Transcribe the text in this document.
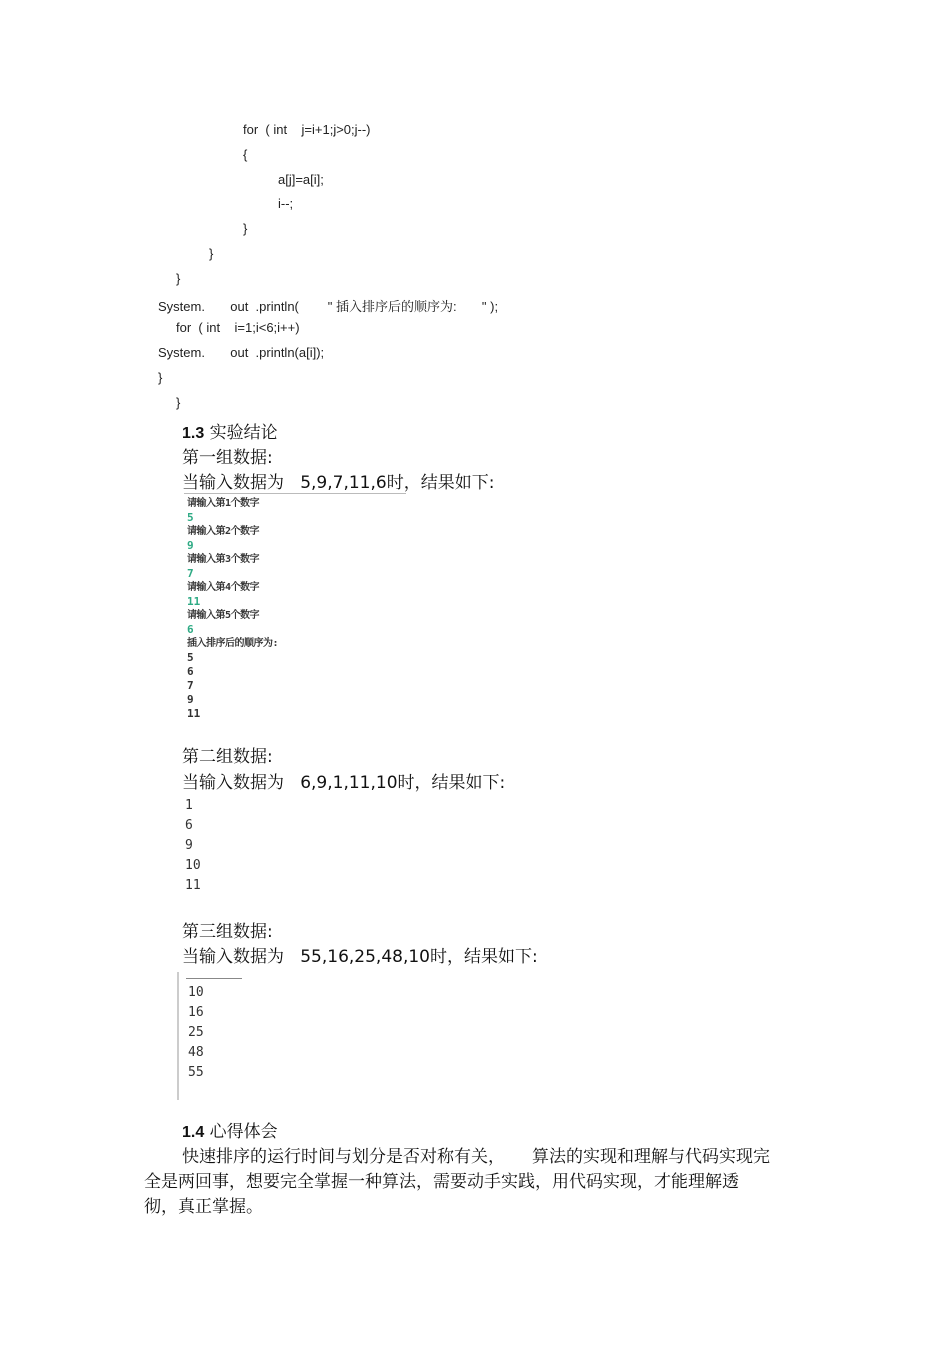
for  ( int    j=i+1;j>0;j--)
{
a[j]=a[i];
i--;
}
}
}
System.       out  .println(        " 插入排序后的顺序为:       " );
for  ( int    i=1;i<6;i++)
System.       out  .println(a[i]);
}
}
1.3 实验结论
第一组数据:
当输入数据为   5,9,7,11,6时，结果如下:
请输入第1个数字
5
请输入第2个数字
9
请输入第3个数字
7
请输入第4个数字
11
请输入第5个数字
6
插入排序后的顺序为:
5
6
7
9
11
第二组数据:
当输入数据为   6,9,1,11,10时，结果如下:
1
6
9
10
11
第三组数据:
当输入数据为   55,16,25,48,10时，结果如下:
10
16
25
48
55
1.4 心得体会
快速排序的运行时间与划分是否对称有关，     算法的实现和理解与代码实现完
全是两回事，想要完全掌握一种算法，需要动手实践，用代码实现，才能理解透
彻，真正掌握。
